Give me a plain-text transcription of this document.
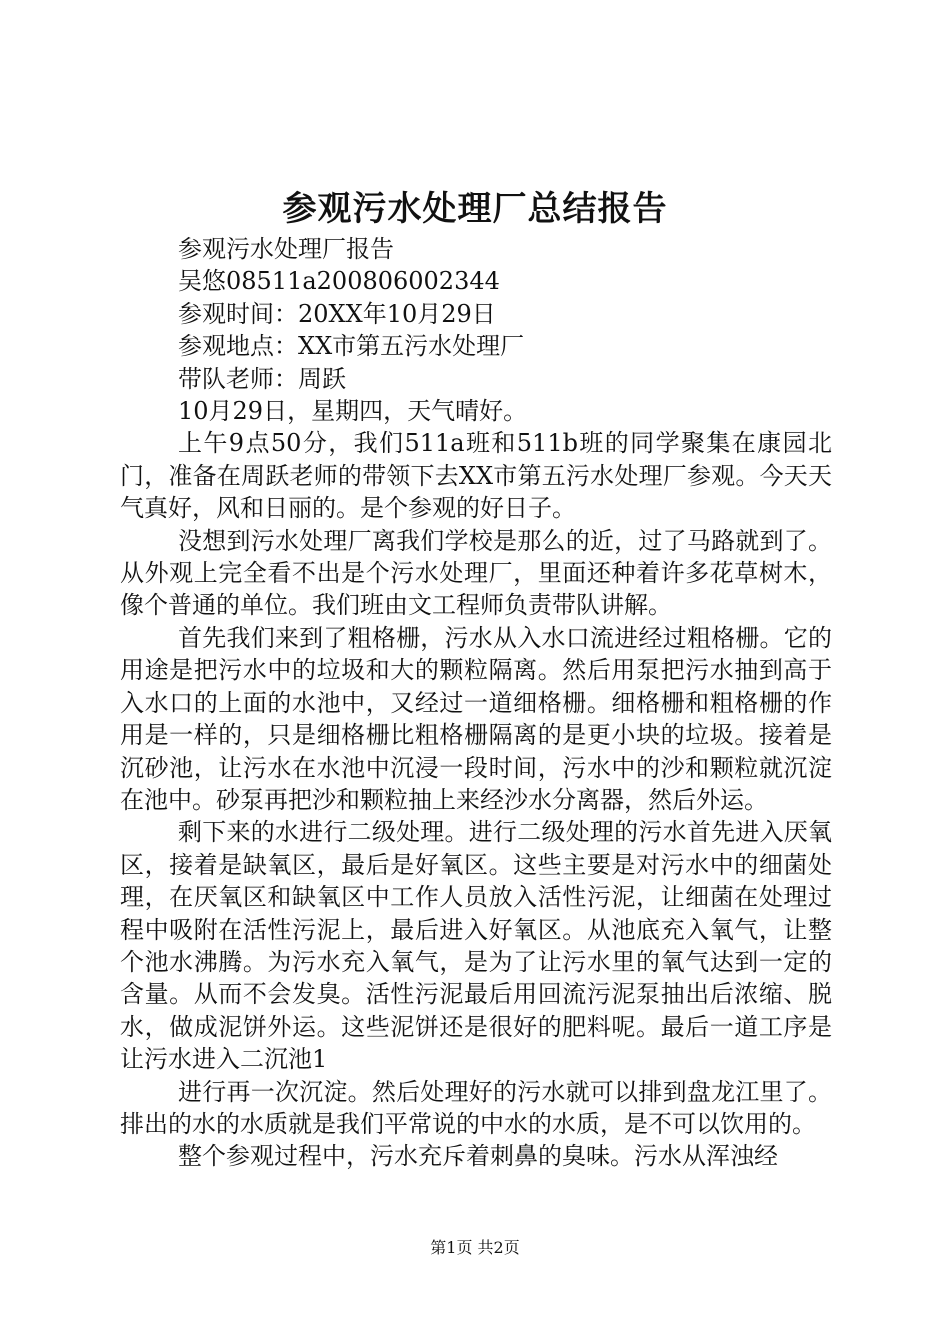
参观污水处理厂总结报告

参观污水处理厂报告

吴悠08511a200806002344

参观时间：20XX年10月29日

参观地点：XX市第五污水处理厂

带队老师：周跃

10月29日，星期四，天气晴好。

上午9点50分，我们511a班和511b班的同学聚集在康园北门，准备在周跃老师的带领下去XX市第五污水处理厂参观。今天天气真好，风和日丽的。是个参观的好日子。

没想到污水处理厂离我们学校是那么的近，过了马路就到了。从外观上完全看不出是个污水处理厂，里面还种着许多花草树木，像个普通的单位。我们班由文工程师负责带队讲解。

首先我们来到了粗格栅，污水从入水口流进经过粗格栅。它的用途是把污水中的垃圾和大的颗粒隔离。然后用泵把污水抽到高于入水口的上面的水池中，又经过一道细格栅。细格栅和粗格栅的作用是一样的，只是细格栅比粗格栅隔离的是更小块的垃圾。接着是沉砂池，让污水在水池中沉浸一段时间，污水中的沙和颗粒就沉淀在池中。砂泵再把沙和颗粒抽上来经沙水分离器，然后外运。

剩下来的水进行二级处理。进行二级处理的污水首先进入厌氧区，接着是缺氧区，最后是好氧区。这些主要是对污水中的细菌处理，在厌氧区和缺氧区中工作人员放入活性污泥，让细菌在处理过程中吸附在活性污泥上，最后进入好氧区。从池底充入氧气，让整个池水沸腾。为污水充入氧气，是为了让污水里的氧气达到一定的含量。从而不会发臭。活性污泥最后用回流污泥泵抽出后浓缩、脱水，做成泥饼外运。这些泥饼还是很好的肥料呢。最后一道工序是让污水进入二沉池1

进行再一次沉淀。然后处理好的污水就可以排到盘龙江里了。排出的水的水质就是我们平常说的中水的水质，是不可以饮用的。

整个参观过程中，污水充斥着刺鼻的臭味。污水从浑浊经

第1页 共2页
